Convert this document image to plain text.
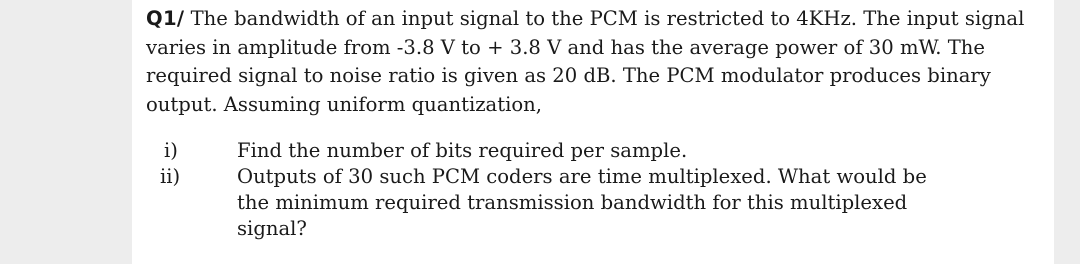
Q1/ The bandwidth of an input signal to the PCM is restricted to 4KHz. The input signal varies in amplitude from -3.8 V to + 3.8 V and has the average power of 30 mW. The required signal to noise ratio is given as 20 dB. The PCM modulator produces binary output. Assuming uniform quantization,
i)	Find the number of bits required per sample.
ii)	Outputs of 30 such PCM coders are time multiplexed. What would be the minimum required transmission bandwidth for this multiplexed signal?
